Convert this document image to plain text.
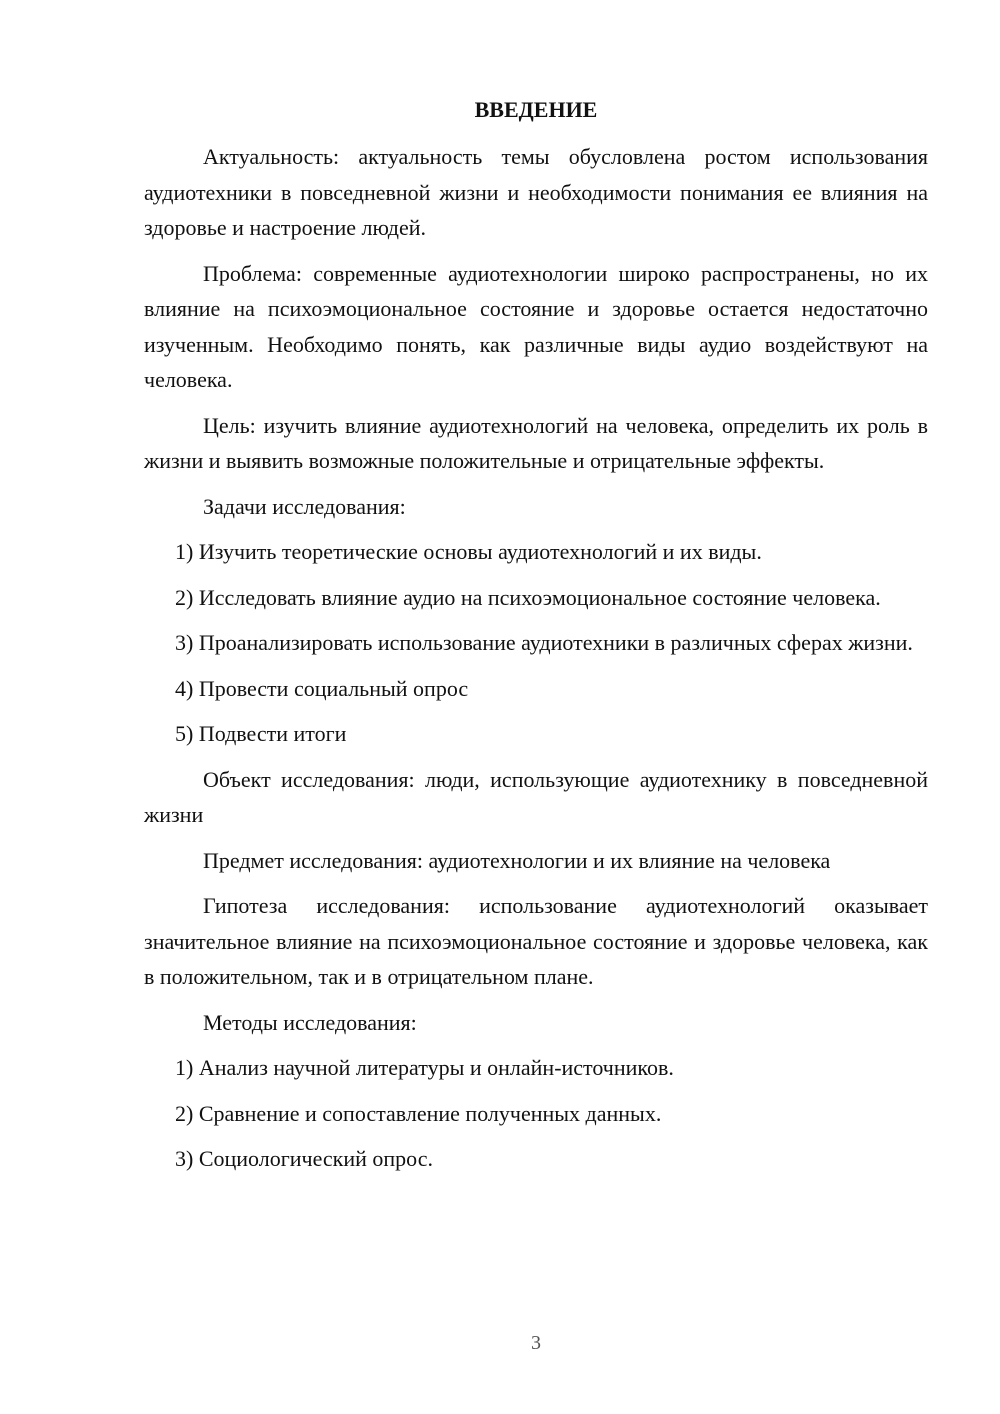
ВВЕДЕНИЕ

Актуальность: актуальность темы обусловлена ростом использования аудиотехники в повседневной жизни и необходимости понимания ее влияния на здоровье и настроение людей.

Проблема: современные аудиотехнологии широко распространены, но их влияние на психоэмоциональное состояние и здоровье остается недостаточно изученным. Необходимо понять, как различные виды аудио воздействуют на человека.

Цель: изучить влияние аудиотехнологий на человека, определить их роль в жизни и выявить возможные положительные и отрицательные эффекты.

Задачи исследования:

1) Изучить теоретические основы аудиотехнологий и их виды.

2) Исследовать влияние аудио на психоэмоциональное состояние человека.

3) Проанализировать использование аудиотехники в различных сферах жизни.

4) Провести социальный опрос

5) Подвести итоги

Объект исследования: люди, использующие аудиотехнику в повседневной жизни

Предмет исследования: аудиотехнологии и их влияние на человека

Гипотеза исследования: использование аудиотехнологий оказывает значительное влияние на психоэмоциональное состояние и здоровье человека, как в положительном, так и в отрицательном плане.

Методы исследования:

1) Анализ научной литературы и онлайн-источников.

2) Сравнение и сопоставление полученных данных.

3) Социологический опрос.

3
